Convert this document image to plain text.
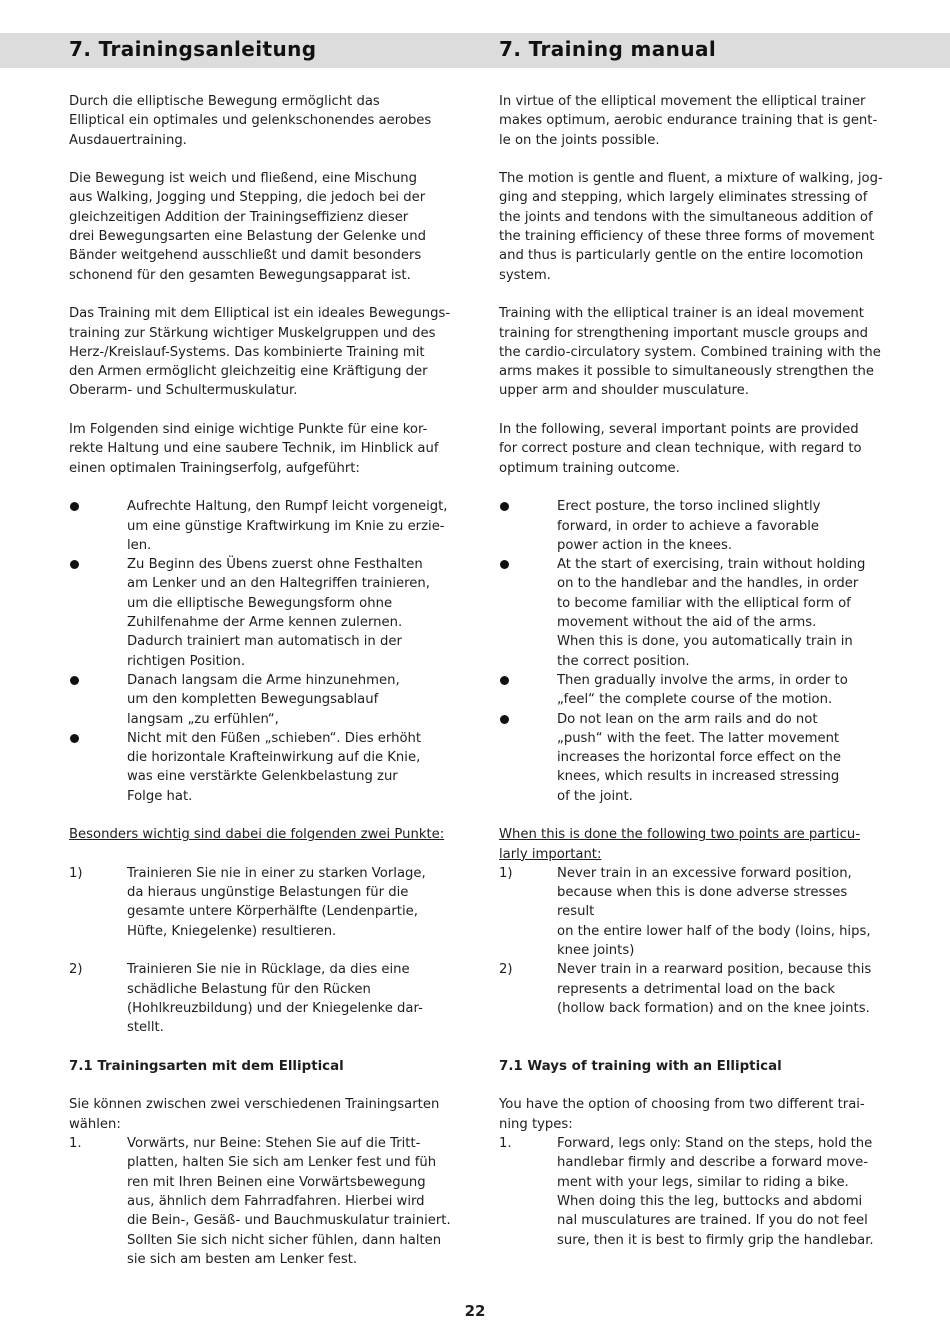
7. Trainingsanleitung	7. Training manual

Durch die elliptische Bewegung ermöglicht das
Elliptical ein optimales und gelenkschonendes aerobes
Ausdauertraining.

Die Bewegung ist weich und fließend, eine Mischung
aus Walking, Jogging und Stepping, die jedoch bei der
gleichzeitigen Addition der Trainingseffizienz dieser
drei Bewegungsarten eine Belastung der Gelenke und
Bänder weitgehend ausschließt und damit besonders
schonend für den gesamten Bewegungsapparat ist.

Das Training mit dem Elliptical ist ein ideales Bewegungs-
training zur Stärkung wichtiger Muskelgruppen und des
Herz-/Kreislauf-Systems. Das kombinierte Training mit
den Armen ermöglicht gleichzeitig eine Kräftigung der
Oberarm- und Schultermuskulatur.

Im Folgenden sind einige wichtige Punkte für eine kor-
rekte Haltung und eine saubere Technik, im Hinblick auf
einen optimalen Trainingserfolg, aufgeführt:

Aufrechte Haltung, den Rumpf leicht vorgeneigt,
um eine günstige Kraftwirkung im Knie zu erzie-
len.

Zu Beginn des Übens zuerst ohne Festhalten
am Lenker und an den Haltegriffen trainieren,
um die elliptische Bewegungsform ohne
Zuhilfenahme der Arme kennen zulernen.
Dadurch trainiert man automatisch in der
richtigen Position.

Danach langsam die Arme hinzunehmen,
um den kompletten Bewegungsablauf
langsam „zu erfühlen“,

Nicht mit den Füßen „schieben“. Dies erhöht
die horizontale Krafteinwirkung auf die Knie,
was eine verstärkte Gelenkbelastung zur
Folge hat.

Besonders wichtig sind dabei die folgenden zwei Punkte:

1)	Trainieren Sie nie in einer zu starken Vorlage,
da hieraus ungünstige Belastungen für die
gesamte untere Körperhälfte (Lendenpartie,
Hüfte, Kniegelenke) resultieren.

2)	Trainieren Sie nie in Rücklage, da dies eine
schädliche Belastung für den Rücken
(Hohlkreuzbildung) und der Kniegelenke dar-
stellt.

7.1 Trainingsarten mit dem Elliptical

Sie können zwischen zwei verschiedenen Trainingsarten
wählen:

1.	Vorwärts, nur Beine: Stehen Sie auf die Tritt-
platten, halten Sie sich am Lenker fest und füh
ren mit Ihren Beinen eine Vorwärtsbewegung
aus, ähnlich dem Fahrradfahren. Hierbei wird
die Bein-, Gesäß- und Bauchmuskulatur trainiert.
Sollten Sie sich nicht sicher fühlen, dann halten
sie sich am besten am Lenker fest.

In virtue of the elliptical movement the elliptical trainer
makes optimum, aerobic endurance training that is gent-
le on the joints possible.

The motion is gentle and fluent, a mixture of walking, jog-
ging and stepping, which largely eliminates stressing of
the joints and tendons with the simultaneous addition of
the training efficiency of these three forms of movement
and thus is particularly gentle on the entire locomotion
system.

Training with the elliptical trainer is an ideal movement
training for strengthening important muscle groups and
the cardio-circulatory system. Combined training with the
arms makes it possible to simultaneously strengthen the
upper arm and shoulder musculature.

In the following, several important points are provided
for correct posture and clean technique, with regard to
optimum training outcome.

Erect posture, the torso inclined slightly
forward, in order to achieve a favorable
power action in the knees.

At the start of exercising, train without holding
on to the handlebar and the handles, in order
to become familiar with the elliptical form of
movement without the aid of the arms.
When this is done, you automatically train in
the correct position.

Then gradually involve the arms, in order to
„feel“ the complete course of the motion.

Do not lean on the arm rails and do not
„push“ with the feet. The latter movement
increases the horizontal force effect on the
knees, which results in increased stressing
of the joint.

When this is done the following two points are particu-
larly important:

1)	Never train in an excessive forward position,
because when this is done adverse stresses
result
on the entire lower half of the body (loins, hips,
knee joints)

2)	Never train in a rearward position, because this
represents a detrimental load on the back
(hollow back formation) and on the knee joints.

7.1 Ways of training with an Elliptical

You have the option of choosing from two different trai-
ning types:

1.	Forward, legs only: Stand on the steps, hold the
handlebar firmly and describe a forward move-
ment with your legs, similar to riding a bike.
When doing this the leg, buttocks and abdomi
nal musculatures are trained. If you do not feel
sure, then it is best to firmly grip the handlebar.

22
